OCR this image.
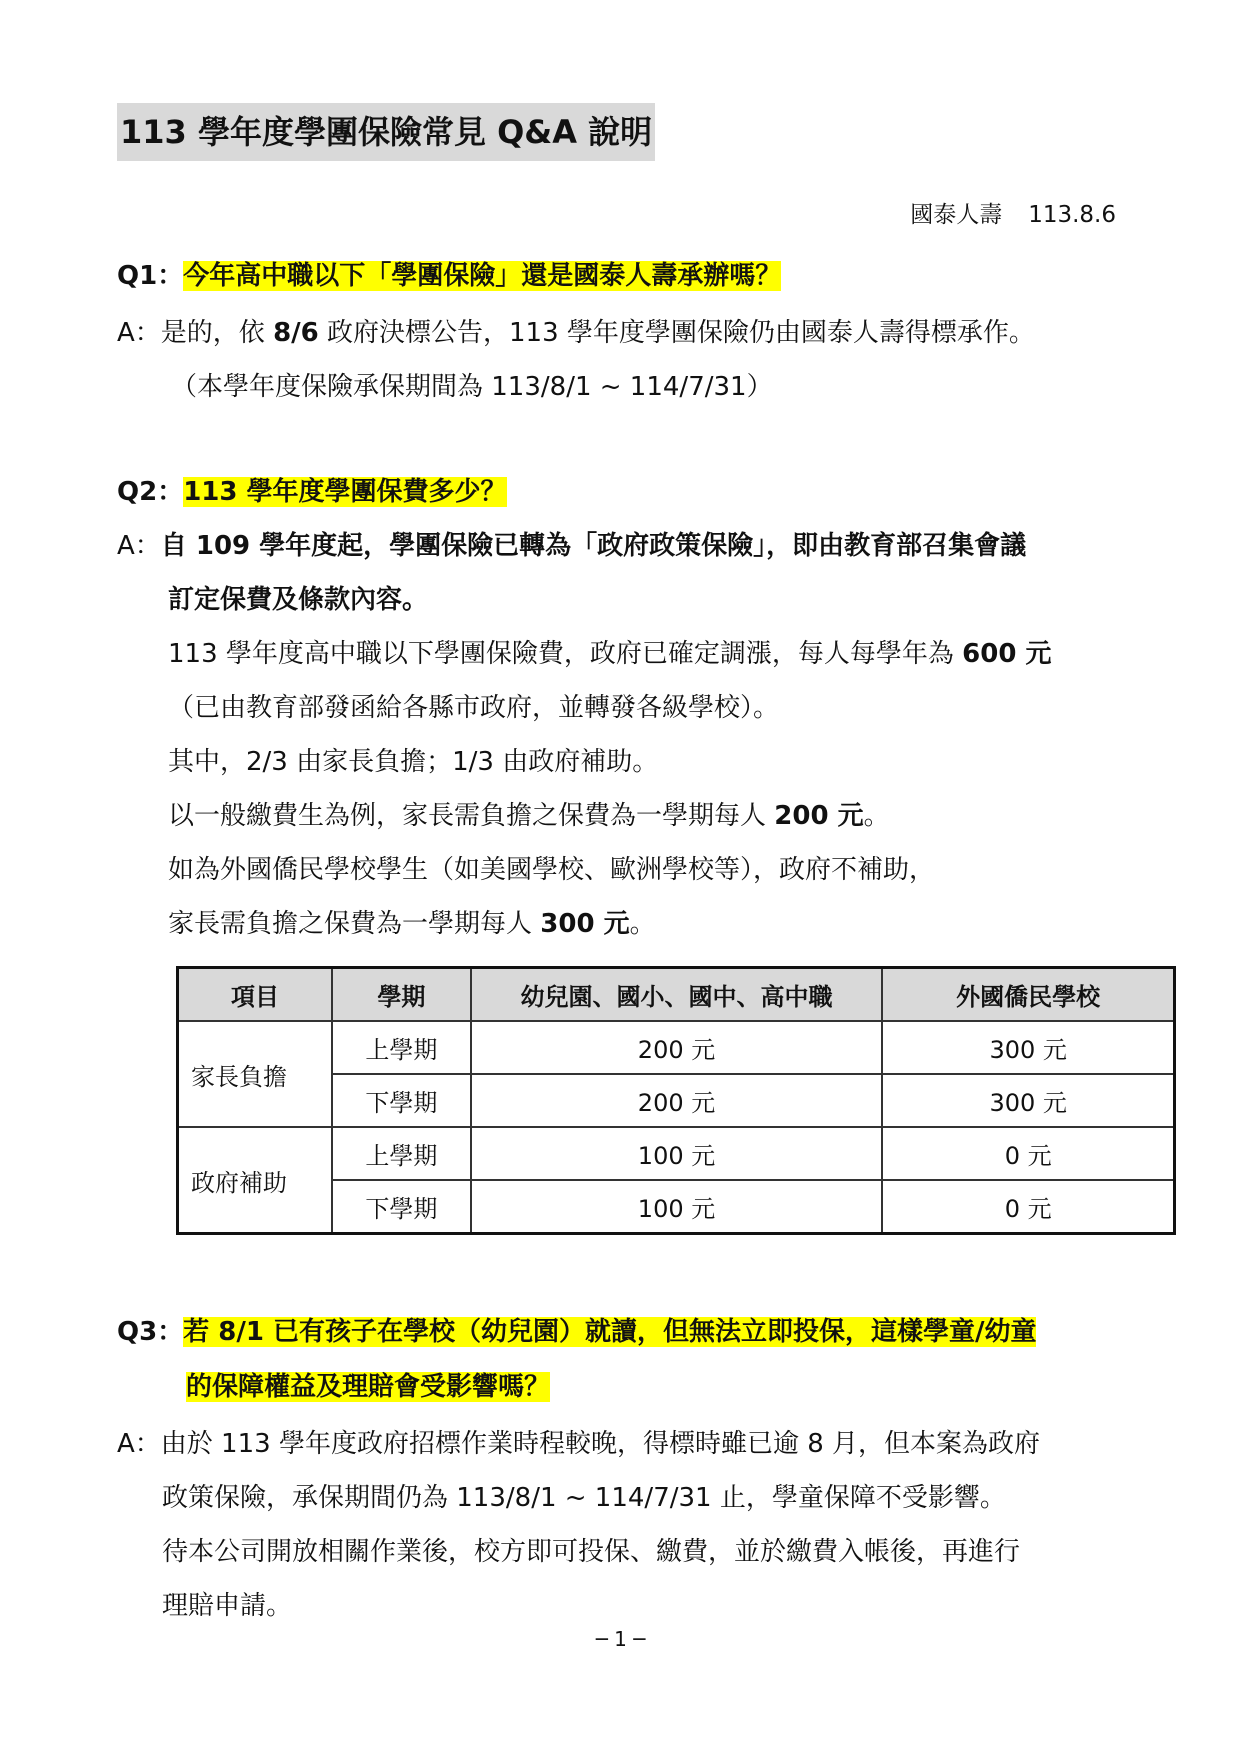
113 學年度學團保險常見 Q&A 說明
國泰人壽 113.8.6
Q1：今年高中職以下「學團保險」還是國泰人壽承辦嗎？
A：是的，依 8/6 政府決標公告，113 學年度學團保險仍由國泰人壽得標承作。
（本學年度保險承保期間為 113/8/1 ~ 114/7/31）
Q2：113 學年度學團保費多少？
A：自 109 學年度起，學團保險已轉為「政府政策保險」，即由教育部召集會議
訂定保費及條款內容。
113 學年度高中職以下學團保險費，政府已確定調漲，每人每學年為 600 元
（已由教育部發函給各縣市政府，並轉發各級學校）。
其中，2/3 由家長負擔；1/3 由政府補助。
以一般繳費生為例，家長需負擔之保費為一學期每人 200 元。
如為外國僑民學校學生（如美國學校、歐洲學校等），政府不補助，
家長需負擔之保費為一學期每人 300 元。
項目	學期	幼兒園、國小、國中、高中職	外國僑民學校
家長負擔	上學期	200 元	300 元
	下學期	200 元	300 元
政府補助	上學期	100 元	0 元
	下學期	100 元	0 元
Q3：若 8/1 已有孩子在學校（幼兒園）就讀，但無法立即投保，這樣學童/幼童
的保障權益及理賠會受影響嗎？
A：由於 113 學年度政府招標作業時程較晚，得標時雖已逾 8 月，但本案為政府
政策保險，承保期間仍為 113/8/1 ~ 114/7/31 止，學童保障不受影響。
待本公司開放相關作業後，校方即可投保、繳費，並於繳費入帳後，再進行
理賠申請。
─ 1 ─
